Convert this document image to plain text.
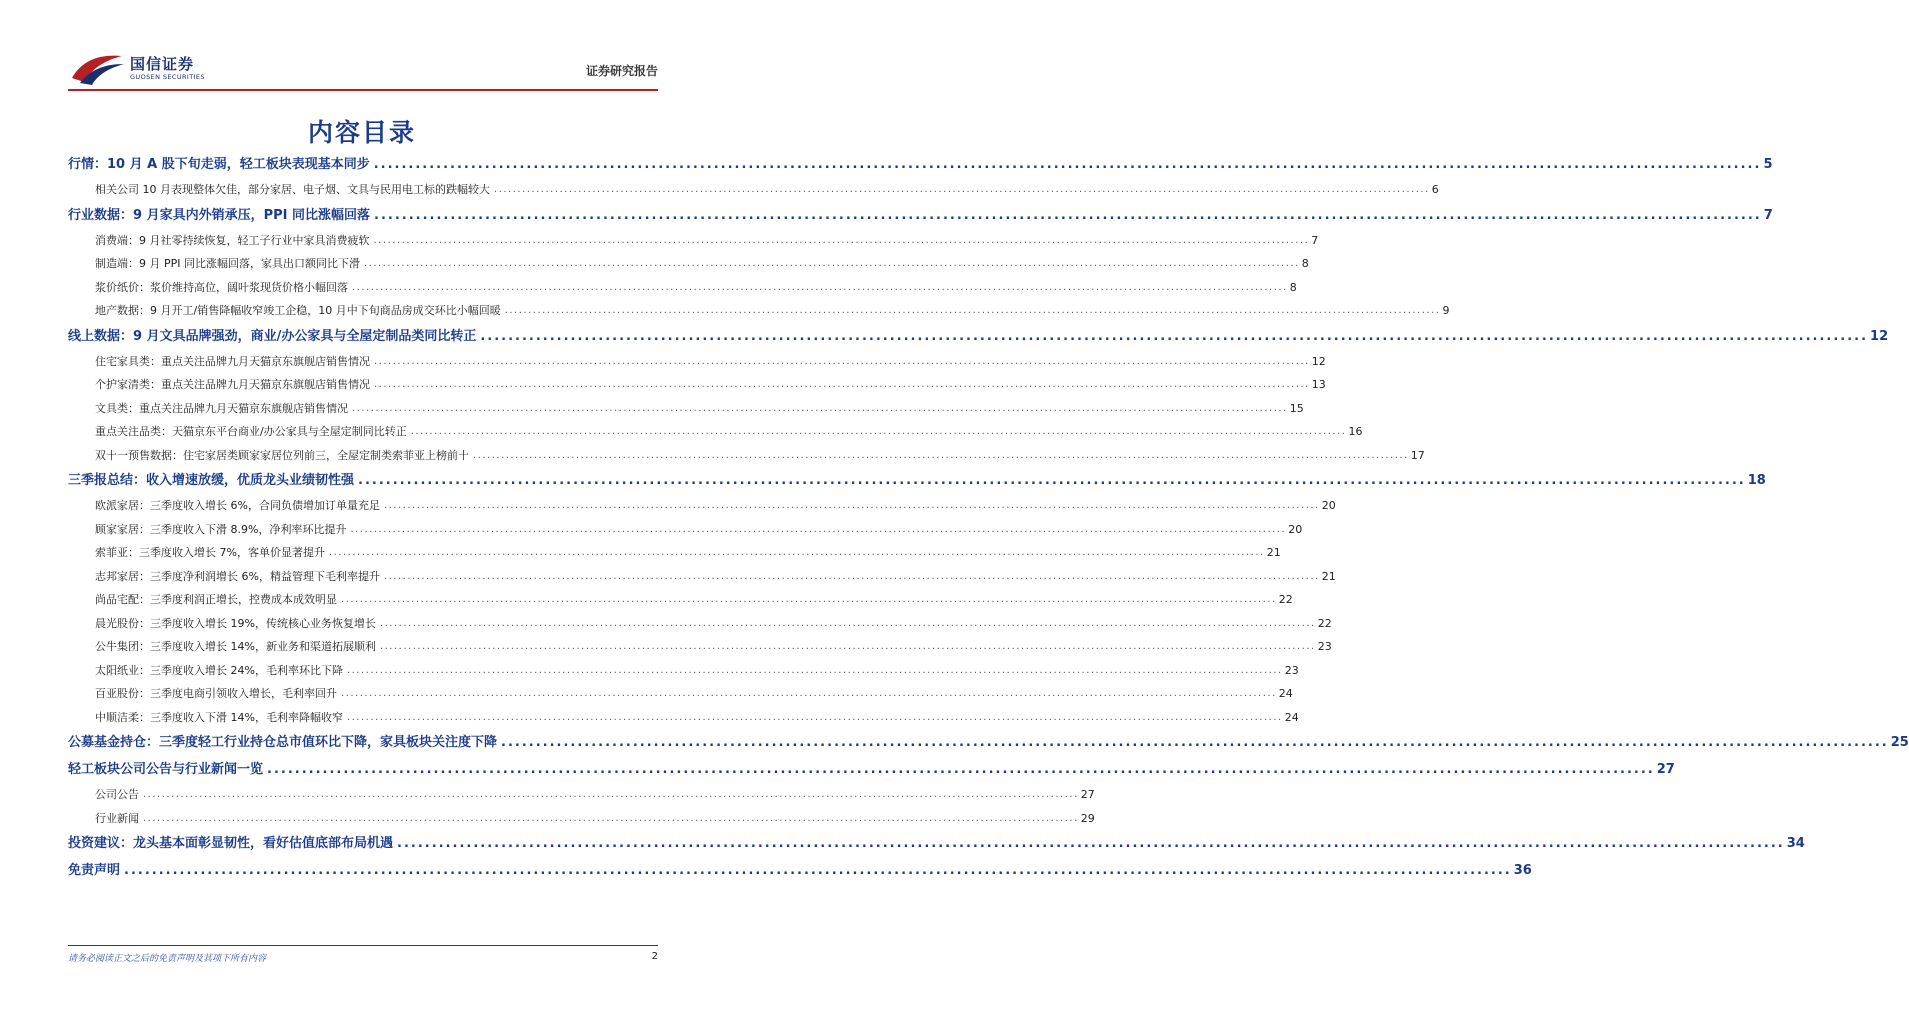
国信证券
GUOSEN SECURITIES	证券研究报告
内容目录
行情：10 月 A 股下旬走弱，轻工板块表现基本同步 ........................................................................................................................................................................................................ 5
相关公司 10 月表现整体欠佳，部分家居、电子烟、文具与民用电工标的跌幅较大 ........................................................................................................................................................................................................ 6
行业数据：9 月家具内外销承压，PPI 同比涨幅回落 ........................................................................................................................................................................................................ 7
消费端：9 月社零持续恢复，轻工子行业中家具消费疲软 ........................................................................................................................................................................................................ 7
制造端：9 月 PPI 同比涨幅回落，家具出口额同比下滑 ........................................................................................................................................................................................................ 8
浆价纸价：浆价维持高位，阔叶浆现货价格小幅回落 ........................................................................................................................................................................................................ 8
地产数据：9 月开工/销售降幅收窄竣工企稳，10 月中下旬商品房成交环比小幅回暖 ........................................................................................................................................................................................................ 9
线上数据：9 月文具品牌强劲，商业/办公家具与全屋定制品类同比转正 ........................................................................................................................................................................................................ 12
住宅家具类：重点关注品牌九月天猫京东旗舰店销售情况 ........................................................................................................................................................................................................ 12
个护家清类：重点关注品牌九月天猫京东旗舰店销售情况 ........................................................................................................................................................................................................ 13
文具类：重点关注品牌九月天猫京东旗舰店销售情况 ........................................................................................................................................................................................................ 15
重点关注品类：天猫京东平台商业/办公家具与全屋定制同比转正 ........................................................................................................................................................................................................ 16
双十一预售数据：住宅家居类顾家家居位列前三，全屋定制类索菲亚上榜前十 ........................................................................................................................................................................................................ 17
三季报总结：收入增速放缓，优质龙头业绩韧性强 ........................................................................................................................................................................................................ 18
欧派家居：三季度收入增长 6%，合同负债增加订单量充足 ........................................................................................................................................................................................................ 20
顾家家居：三季度收入下滑 8.9%，净利率环比提升 ........................................................................................................................................................................................................ 20
索菲亚：三季度收入增长 7%，客单价显著提升 ........................................................................................................................................................................................................ 21
志邦家居：三季度净利润增长 6%，精益管理下毛利率提升 ........................................................................................................................................................................................................ 21
尚品宅配：三季度利润正增长，控费成本成效明显 ........................................................................................................................................................................................................ 22
晨光股份：三季度收入增长 19%，传统核心业务恢复增长 ........................................................................................................................................................................................................ 22
公牛集团：三季度收入增长 14%，新业务和渠道拓展顺利 ........................................................................................................................................................................................................ 23
太阳纸业：三季度收入增长 24%，毛利率环比下降 ........................................................................................................................................................................................................ 23
百亚股份：三季度电商引领收入增长，毛利率回升 ........................................................................................................................................................................................................ 24
中顺洁柔：三季度收入下滑 14%，毛利率降幅收窄 ........................................................................................................................................................................................................ 24
公募基金持仓：三季度轻工行业持仓总市值环比下降，家具板块关注度下降 ........................................................................................................................................................................................................ 25
轻工板块公司公告与行业新闻一览 ........................................................................................................................................................................................................ 27
公司公告 ........................................................................................................................................................................................................ 27
行业新闻 ........................................................................................................................................................................................................ 29
投资建议：龙头基本面彰显韧性，看好估值底部布局机遇 ........................................................................................................................................................................................................ 34
免责声明 ........................................................................................................................................................................................................ 36
请务必阅读正文之后的免责声明及其项下所有内容	2
